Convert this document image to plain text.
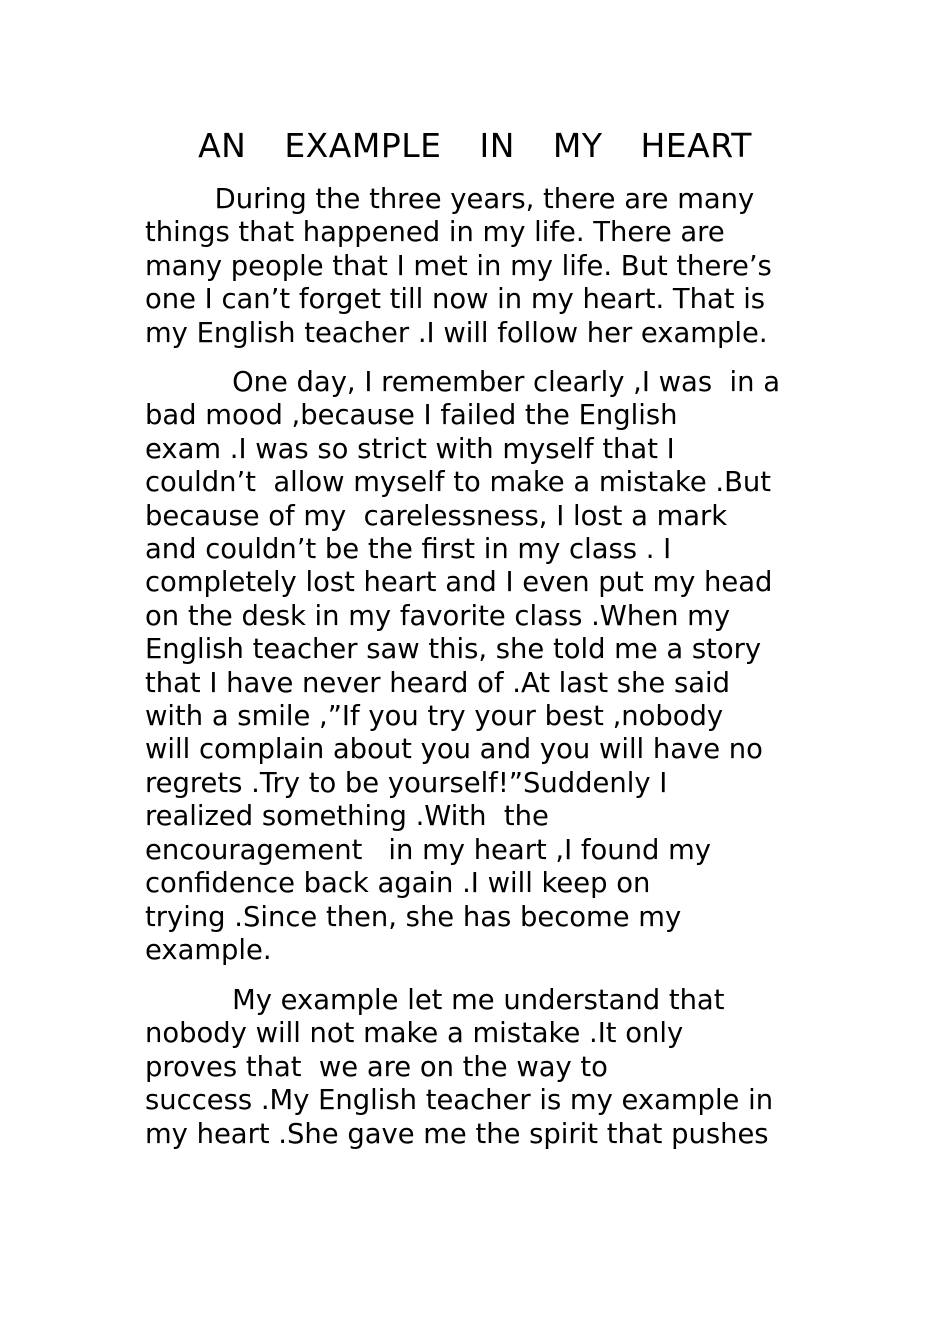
AN EXAMPLE IN MY HEART

During the three years, there are many
things that happened in my life. There are
many people that I met in my life. But there’s
one I can’t forget till now in my heart. That is
my English teacher .I will follow her example.

One day, I remember clearly ,I was  in a
bad mood ,because I failed the English
exam .I was so strict with myself that I
couldn’t  allow myself to make a mistake .But
because of my  carelessness, I lost a mark
and couldn’t be the first in my class . I
completely lost heart and I even put my head
on the desk in my favorite class .When my
English teacher saw this, she told me a story
that I have never heard of .At last she said
with a smile ,”If you try your best ,nobody
will complain about you and you will have no
regrets .Try to be yourself!”Suddenly I
realized something .With  the
encouragement   in my heart ,I found my
confidence back again .I will keep on
trying .Since then, she has become my
example.

My example let me understand that
nobody will not make a mistake .It only
proves that  we are on the way to
success .My English teacher is my example in
my heart .She gave me the spirit that pushes
